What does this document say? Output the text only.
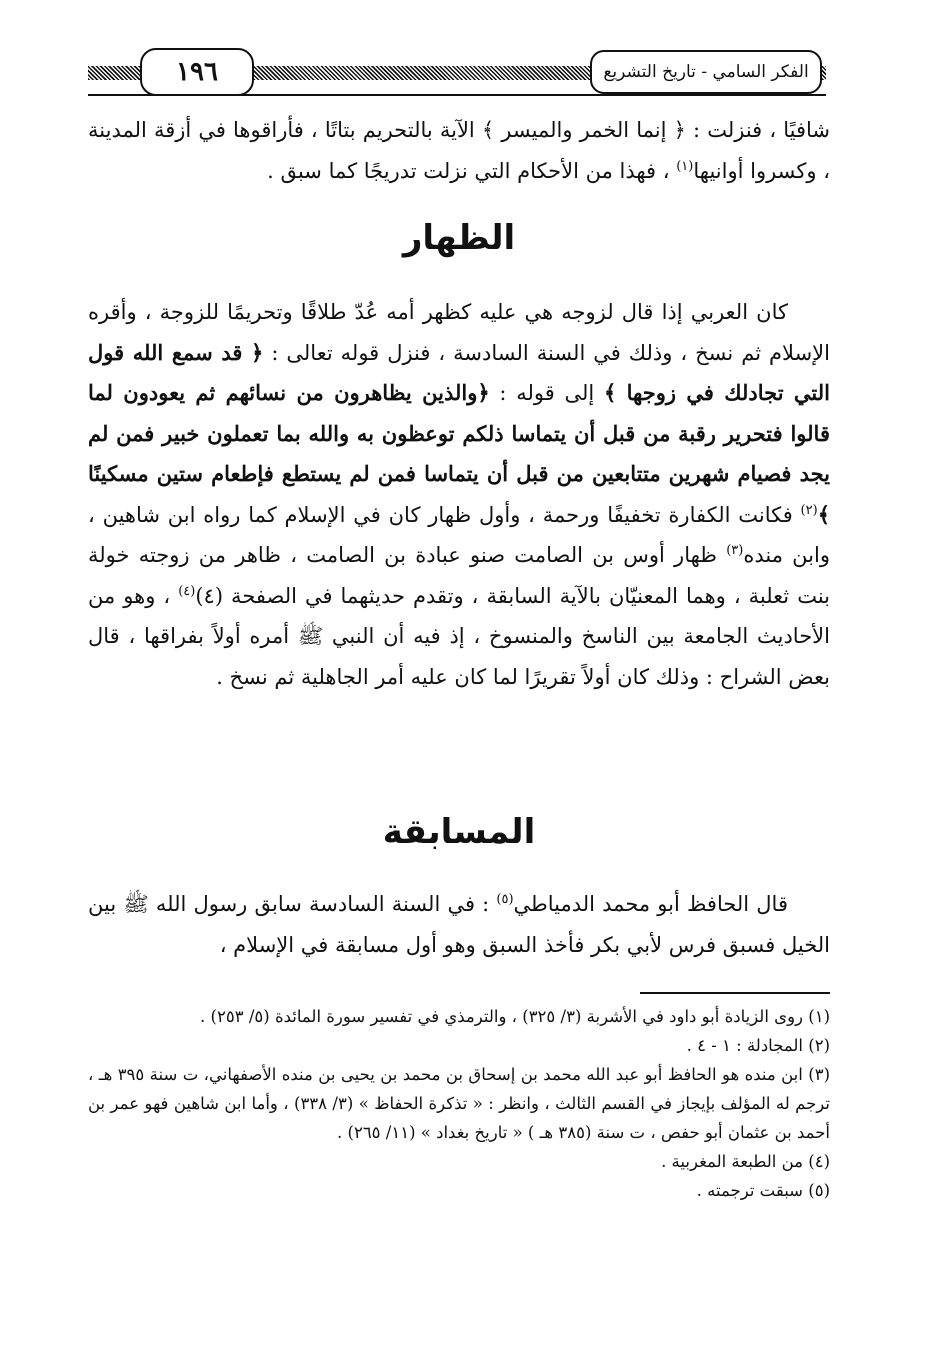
١٩٦	الفكر السامي - تاريخ التشريع

شافيًا ، فنزلت : ﴿ إنما الخمر والميسر ﴾ الآية بالتحريم بتاتًا ، فأراقوها في أزقة المدينة ، وكسروا أوانيها$^{(١)}$ ، فهذا من الأحكام التي نزلت تدريجًا كما سبق .

الظهار

كان العربي إذا قال لزوجه هي عليه كظهر أمه عُدّ طلاقًا وتحريمًا للزوجة ، وأقره الإسلام ثم نسخ ، وذلك في السنة السادسة ، فنزل قوله تعالى : ﴿ قد سمع الله قول التي تجادلك في زوجها ﴾ إلى قوله : ﴿والذين يظاهرون من نسائهم ثم يعودون لما قالوا فتحرير رقبة من قبل أن يتماسا ذلكم توعظون به والله بما تعملون خبير فمن لم يجد فصيام شهرين متتابعين من قبل أن يتماسا فمن لم يستطع فإطعام ستين مسكينًا ﴾$^{(٢)}$ فكانت الكفارة تخفيفًا ورحمة ، وأول ظهار كان في الإسلام كما رواه ابن شاهين ، وابن منده$^{(٣)}$ ظهار أوس بن الصامت صنو عبادة بن الصامت ، ظاهر من زوجته خولة بنت ثعلبة ، وهما المعنيّان بالآية السابقة ، وتقدم حديثهما في الصفحة (٤)$^{(٤)}$ ، وهو من الأحاديث الجامعة بين الناسخ والمنسوخ ، إذ فيه أن النبي ﷺ أمره أولاً بفراقها ، قال بعض الشراح : وذلك كان أولاً تقريرًا لما كان عليه أمر الجاهلية ثم نسخ .

المسابقة

قال الحافظ أبو محمد الدمياطي$^{(٥)}$ : في السنة السادسة سابق رسول الله ﷺ بين الخيل فسبق فرس لأبي بكر فأخذ السبق وهو أول مسابقة في الإسلام ،

(١) روى الزيادة أبو داود في الأشربة (٣/ ٣٢٥) ، والترمذي في تفسير سورة المائدة (٥/ ٢٥٣) .

(٢) المجادلة : ١ - ٤ .

(٣) ابن منده هو الحافظ أبو عبد الله محمد بن إسحاق بن محمد بن يحيى بن منده الأصفهاني، ت سنة ٣٩٥ هـ ، ترجم له المؤلف بإيجاز في القسم الثالث ، وانظر : « تذكرة الحفاظ » (٣/ ٣٣٨) ، وأما ابن شاهين فهو عمر بن أحمد بن عثمان أبو حفص ، ت سنة (٣٨٥ هـ ) « تاريخ بغداد » (١١/ ٢٦٥) .

(٤) من الطبعة المغربية .

(٥) سبقت ترجمته .
